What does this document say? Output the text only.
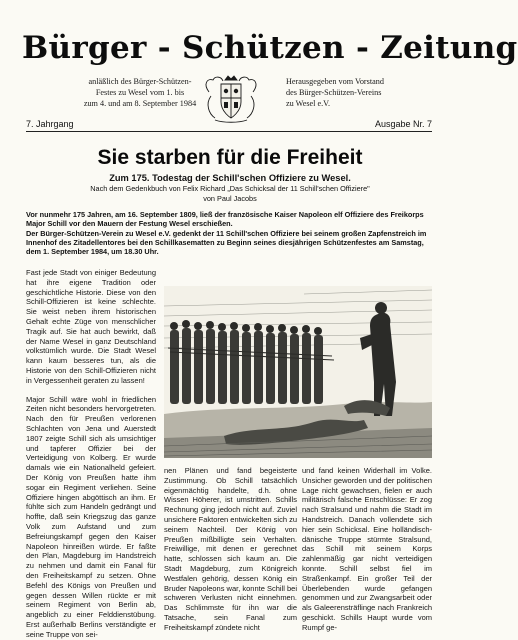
Bürger - Schützen - Zeitung
anläßlich des Bürger-Schützen-
Festes zu Wesel vom 1. bis
zum 4. und am 8. September 1984
Herausgegeben vom Vorstand
des Bürger-Schützen-Vereins
zu Wesel e.V.
7. Jahrgang	Ausgabe Nr. 7
Sie starben für die Freiheit
Zum 175. Todestag der Schill'schen Offiziere zu Wesel.
Nach dem Gedenkbuch von Felix Richard „Das Schicksal der 11 Schill'schen Offiziere"
von Paul Jacobs
Vor nunmehr 175 Jahren, am 16. September 1809, ließ der französische Kaiser Napoleon elf Offiziere des Freikorps Major Schill vor den Mauern der Festung Wesel erschießen.
Der Bürger-Schützen-Verein zu Wesel e.V. gedenkt der 11 Schill'schen Offiziere bei seinem großen Zapfenstreich im Innenhof des Zitadellentores bei den Schillkasematten zu Beginn seines diesjährigen Schützenfestes am Samstag, dem 1. September 1984, um 18.30 Uhr.

Fast jede Stadt von einiger Bedeutung hat ihre eigene Tradition oder geschichtliche Historie. Diese von den Schill-Offizieren ist keine schlechte. Sie weist neben ihrem historischen Gehalt echte Züge von menschlicher Tragik auf. Sie hat auch bewirkt, daß der Name Wesel in ganz Deutschland volkstümlich wurde. Die Stadt Wesel kann kaum besseres tun, als die Historie von den Schill-Offizieren nicht in Vergessenheit geraten zu lassen!

Major Schill wäre wohl in friedlichen Zeiten nicht besonders hervorgetreten. Nach den für Preußen verlorenen Schlachten von Jena und Auerstedt 1807 zeigte Schill sich als umsichtiger und tapferer Offizier bei der Verteidigung von Kolberg. Er wurde damals wie ein Nationalheld gefeiert. Der König von Preußen hatte ihm sogar ein Regiment verliehen. Seine Offiziere hingen abgöttisch an ihm. Er fühlte sich zum Handeln gedrängt und hoffte, daß sein Kriegszug das ganze Volk zum Aufstand und zum Befreiungskampf gegen den Kaiser Napoleon hinreißen würde. Er faßte den Plan, Magdeburg im Handstreich zu nehmen und damit ein Fanal für den Freiheitskampf zu setzen. Ohne Befehl des Königs von Preußen und gegen dessen Willen rückte er mit seinem Regiment von Berlin ab, angeblich zu einer Felddienstübung. Erst außerhalb Berlins verständigte er seine Truppe von sei-

nen Plänen und fand begeisterte Zustimmung. Ob Schill tatsächlich eigenmächtig handelte, d.h. ohne Wissen Höherer, ist umstritten. Schills Rechnung ging jedoch nicht auf. Zuviel unsichere Faktoren entwickelten sich zu seinem Nachteil. Der König von Preußen mißbilligte sein Verhalten. Freiwillige, mit denen er gerechnet hatte, schlossen sich kaum an. Die Stadt Magdeburg, zum Königreich Westfalen gehörig, dessen König ein Bruder Napoleons war, konnte Schill bei schweren Verlusten nicht einnehmen. Das Schlimmste für ihn war die Tatsache, sein Fanal zum Freiheitskampf zündete nicht

und fand keinen Widerhall im Volke. Unsicher geworden und der politischen Lage nicht gewachsen, fielen er auch militärisch falsche Entschlüsse: Er zog nach Stralsund und nahm die Stadt im Handstreich. Danach vollendete sich hier sein Schicksal. Eine holländisch-dänische Truppe stürmte Stralsund, das Schill mit seinem Korps zahlenmäßig gar nicht verteidigen konnte. Schill selbst fiel im Straßenkampf. Ein großer Teil der Überlebenden wurde gefangen genommen und zur Zwangsarbeit oder als Galeerensträflinge nach Frankreich geschickt. Schills Haupt wurde vom Rumpf ge-
